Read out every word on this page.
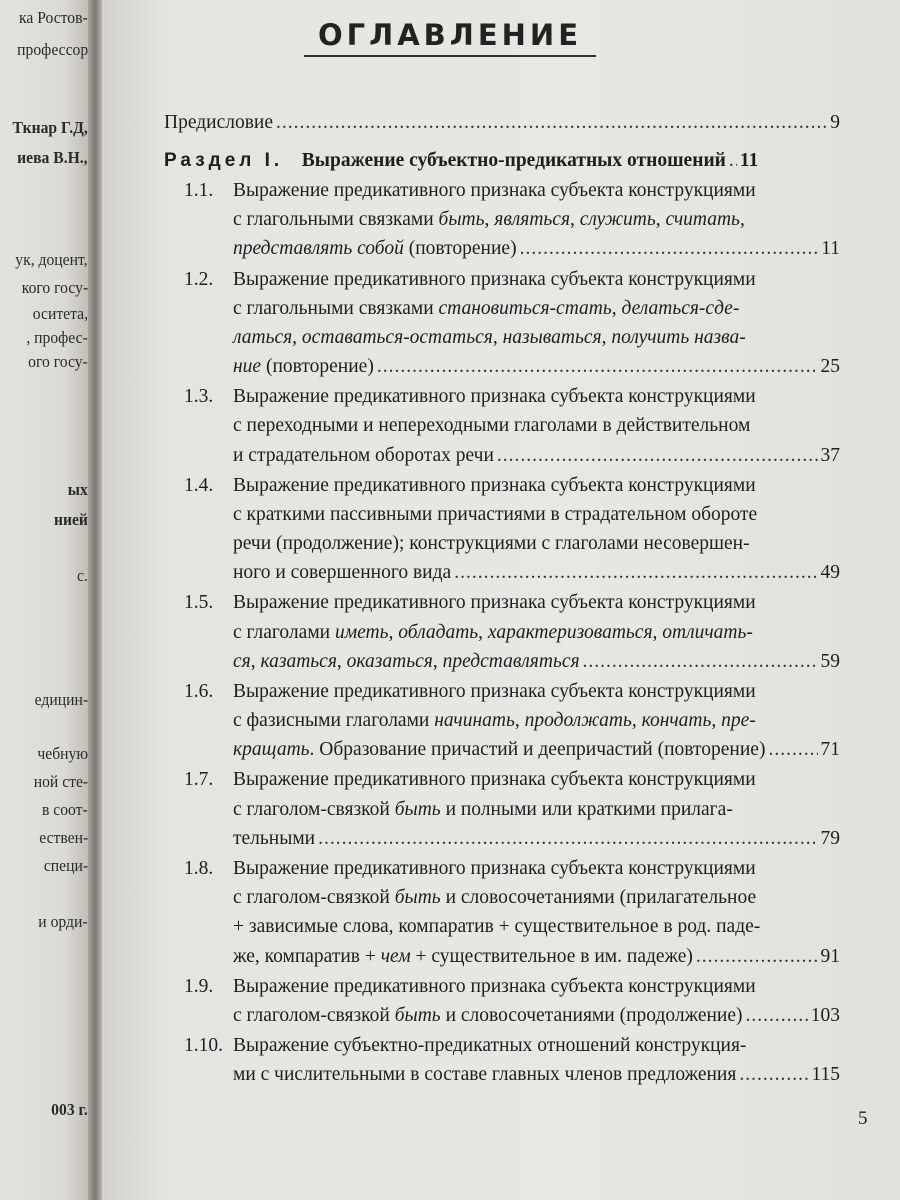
ка Ростов-
профессор
Ткнар Г.Д,
иева В.Н.,
ук, доцент,
кого госу-
оситета,
, профес-
ого госу-
ых
нией
с.
едицин-
чебную
ной сте-
в соот-
ествен-
специ-
и орди-
003 г.
ОГЛАВЛЕНИЕ
Предисловие .....	9
Раздел I. Выражение субъектно-предикатных отношений ..... 11
1.1. Выражение предикативного признака субъекта конструкциями
с глагольными связками быть, являться, служить, считать,
представлять собой (повторение) .....	11
1.2. Выражение предикативного признака субъекта конструкциями
с глагольными связками становиться-стать, делаться-сде-
латься, оставаться-остаться, называться, получить назва-
ние (повторение) .....	25
1.3. Выражение предикативного признака субъекта конструкциями
с переходными и непереходными глаголами в действительном
и страдательном оборотах речи .....	37
1.4. Выражение предикативного признака субъекта конструкциями
с краткими пассивными причастиями в страдательном обороте
речи (продолжение); конструкциями с глаголами несовершен-
ного и совершенного вида .....	49
1.5. Выражение предикативного признака субъекта конструкциями
с глаголами иметь, обладать, характеризоваться, отличать-
ся, казаться, оказаться, представляться .....	59
1.6. Выражение предикативного признака субъекта конструкциями
с фазисными глаголами начинать, продолжать, кончать, пре-
кращать. Образование причастий и деепричастий (повторение) .....	71
1.7. Выражение предикативного признака субъекта конструкциями
с глаголом-связкой быть и полными или краткими прилага-
тельными .....	79
1.8. Выражение предикативного признака субъекта конструкциями
с глаголом-связкой быть и словосочетаниями (прилагательное
+ зависимые слова, компаратив + существительное в род. паде-
же, компаратив + чем + существительное в им. падеже) .....	91
1.9. Выражение предикативного признака субъекта конструкциями
с глаголом-связкой быть и словосочетаниями (продолжение) .....	103
1.10. Выражение субъектно-предикатных отношений конструкция-
ми с числительными в составе главных членов предложения .....	115
5
